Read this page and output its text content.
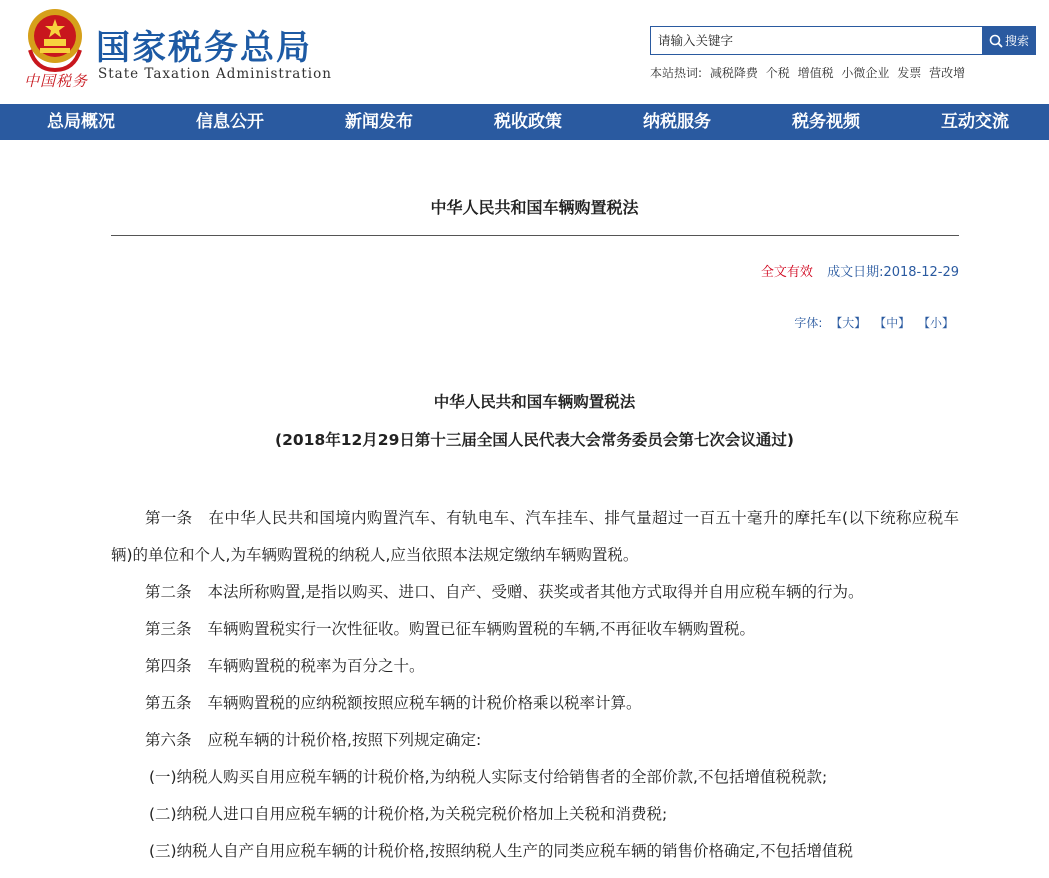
中国税务
国家税务总局
State Taxation Administration
请输入关键字	搜索
本站热词: 减税降费 个税 增值税 小微企业 发票 营改增
总局概况	信息公开	新闻发布	税收政策	纳税服务	税务视频	互动交流
中华人民共和国车辆购置税法
全文有效 成文日期:2018-12-29
字体: 【大】 【中】 【小】
中华人民共和国车辆购置税法
(2018年12月29日第十三届全国人民代表大会常务委员会第七次会议通过)

第一条 在中华人民共和国境内购置汽车、有轨电车、汽车挂车、排气量超过一百五十毫升的摩托车(以下统称应税车辆)的单位和个人,为车辆购置税的纳税人,应当依照本法规定缴纳车辆购置税。

第二条 本法所称购置,是指以购买、进口、自产、受赠、获奖或者其他方式取得并自用应税车辆的行为。

第三条 车辆购置税实行一次性征收。购置已征车辆购置税的车辆,不再征收车辆购置税。

第四条 车辆购置税的税率为百分之十。

第五条 车辆购置税的应纳税额按照应税车辆的计税价格乘以税率计算。

第六条 应税车辆的计税价格,按照下列规定确定:

(一)纳税人购买自用应税车辆的计税价格,为纳税人实际支付给销售者的全部价款,不包括增值税税款;

(二)纳税人进口自用应税车辆的计税价格,为关税完税价格加上关税和消费税;

(三)纳税人自产自用应税车辆的计税价格,按照纳税人生产的同类应税车辆的销售价格确定,不包括增值税
